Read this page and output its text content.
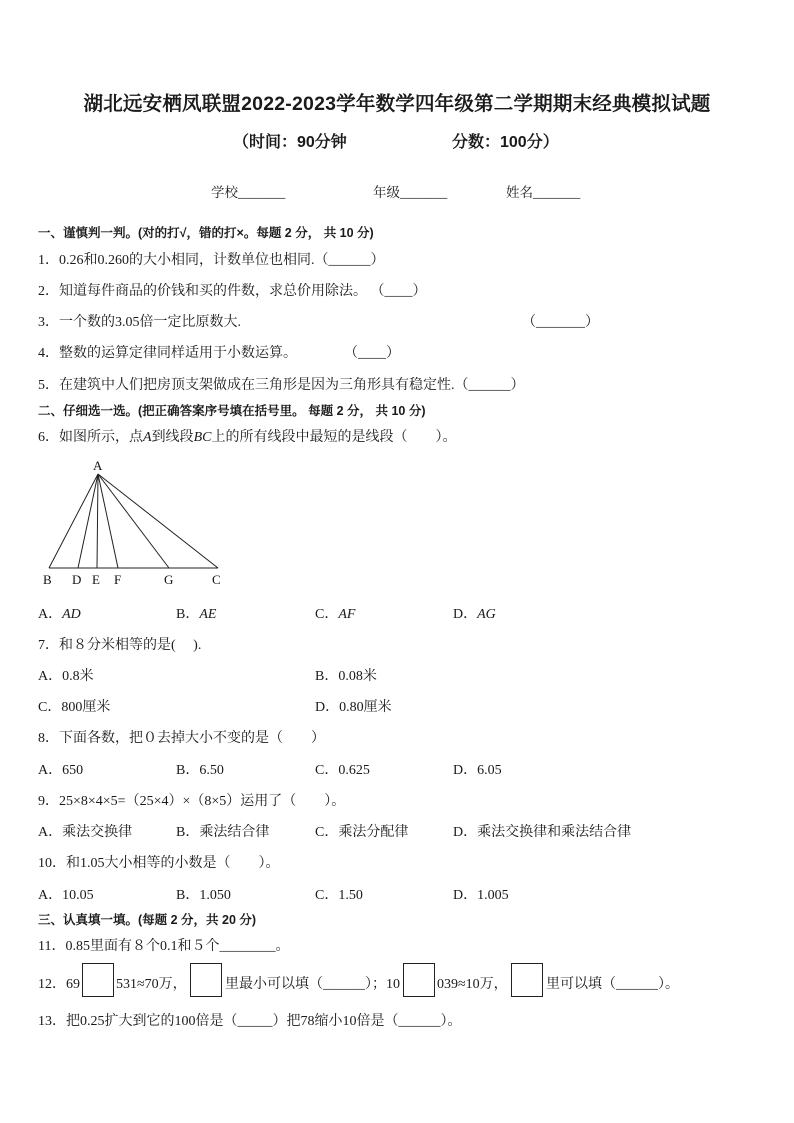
湖北远安栖凤联盟2022-2023学年数学四年级第二学期期末经典模拟试题
（时间：90分钟	分数：100分）
学校_______	年级_______	姓名_______
一、谨慎判一判。(对的打√，错的打×。每题 2 分， 共 10 分)
1．0.26和0.260的大小相同，计数单位也相同.（______）
2．知道每件商品的价钱和买的件数，求总价用除法。 （____）
3．一个数的3.05倍一定比原数大.	（_______）
4．整数的运算定律同样适用于小数运算。	（____）
5．在建筑中人们把房顶支架做成在三角形是因为三角形具有稳定性.（______）
二、仔细选一选。(把正确答案序号填在括号里。 每题 2 分， 共 10 分)
6．如图所示，点A到线段BC上的所有线段中最短的是线段（　　）。
A
B D E F	G	C
A．AD	B．AE	C．AF	D．AG
7．和８分米相等的是(　 ).
A．0.8米	B．0.08米
C．800厘米	D．0.80厘米
8．下面各数，把０去掉大小不变的是（　　）
A．650	B．6.50	C．0.625	D．6.05
9．25×8×4×5=（25×4）×（8×5）运用了（　　）。
A．乘法交换律	B．乘法结合律	C．乘法分配律	D．乘法交换律和乘法结合律
10．和1.05大小相等的小数是（　　）。
A．10.05	B．1.050	C．1.50	D．1.005
三、认真填一填。(每题 2 分，共 20 分)
11．0.85里面有８个0.1和５个________。
12．69	531≈70万，	里最小可以填（______）；10	039≈10万，	里可以填（______）。
13．把0.25扩大到它的100倍是（_____）把78缩小10倍是（______）。
